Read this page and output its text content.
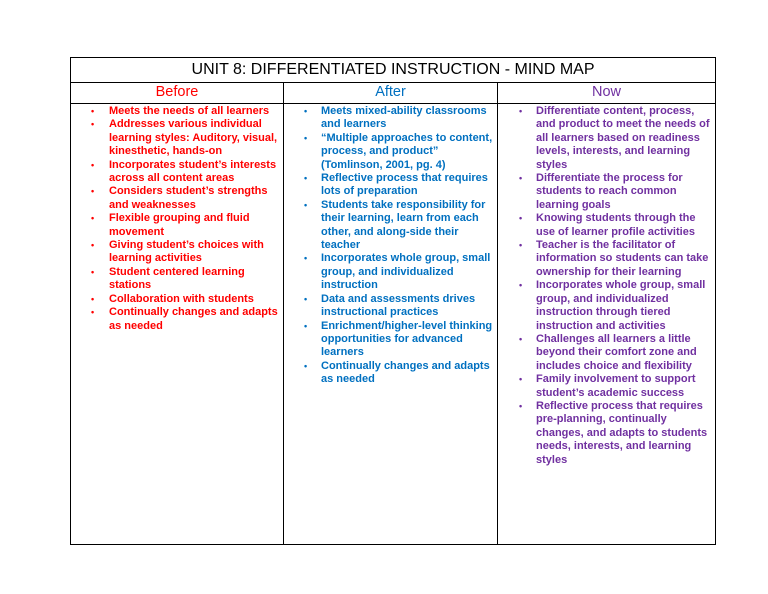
UNIT 8: DIFFERENTIATED INSTRUCTION - MIND MAP
Before	After	Now
• Meets the needs of all learners
• Addresses various individual learning styles: Auditory, visual, kinesthetic, hands-on
• Incorporates student’s interests across all content areas
• Considers student’s strengths and weaknesses
• Flexible grouping and fluid movement
• Giving student’s choices with learning activities
• Student centered learning stations
• Collaboration with students
• Continually changes and adapts as needed
• Meets mixed-ability classrooms and learners
• “Multiple approaches to content, process, and product” (Tomlinson, 2001, pg. 4)
• Reflective process that requires lots of preparation
• Students take responsibility for their learning, learn from each other, and along-side their teacher
• Incorporates whole group, small group, and individualized instruction
• Data and assessments drives instructional practices
• Enrichment/higher-level thinking opportunities for advanced learners
• Continually changes and adapts as needed
• Differentiate content, process, and product to meet the needs of all learners based on readiness levels, interests, and learning styles
• Differentiate the process for students to reach common learning goals
• Knowing students through the use of learner profile activities
• Teacher is the facilitator of information so students can take ownership for their learning
• Incorporates whole group, small group, and individualized instruction through tiered instruction and activities
• Challenges all learners a little beyond their comfort zone and includes choice and flexibility
• Family involvement to support student’s academic success
• Reflective process that requires pre-planning, continually changes, and adapts to students needs, interests, and learning styles
